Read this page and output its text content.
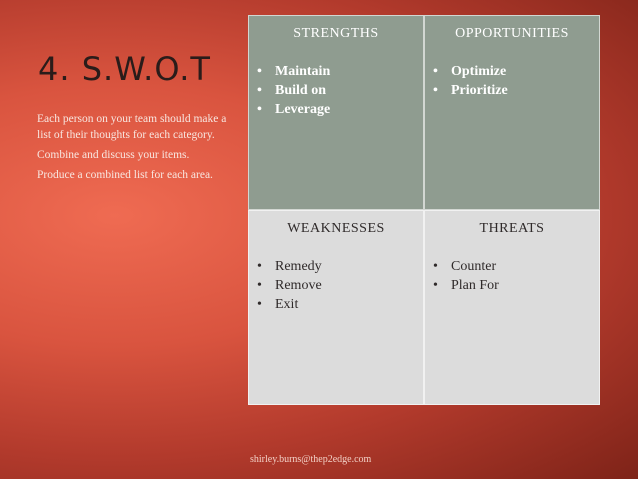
4. S.W.O.T

Each person on your team should make a list of their thoughts for each category.

Combine and discuss your items.

Produce a combined list for each area.

STRENGTHS
• Maintain
• Build on
• Leverage
OPPORTUNITIES
• Optimize
• Prioritize
WEAKNESSES
• Remedy
• Remove
• Exit
THREATS
• Counter
• Plan For
shirley.burns@thep2edge.com
